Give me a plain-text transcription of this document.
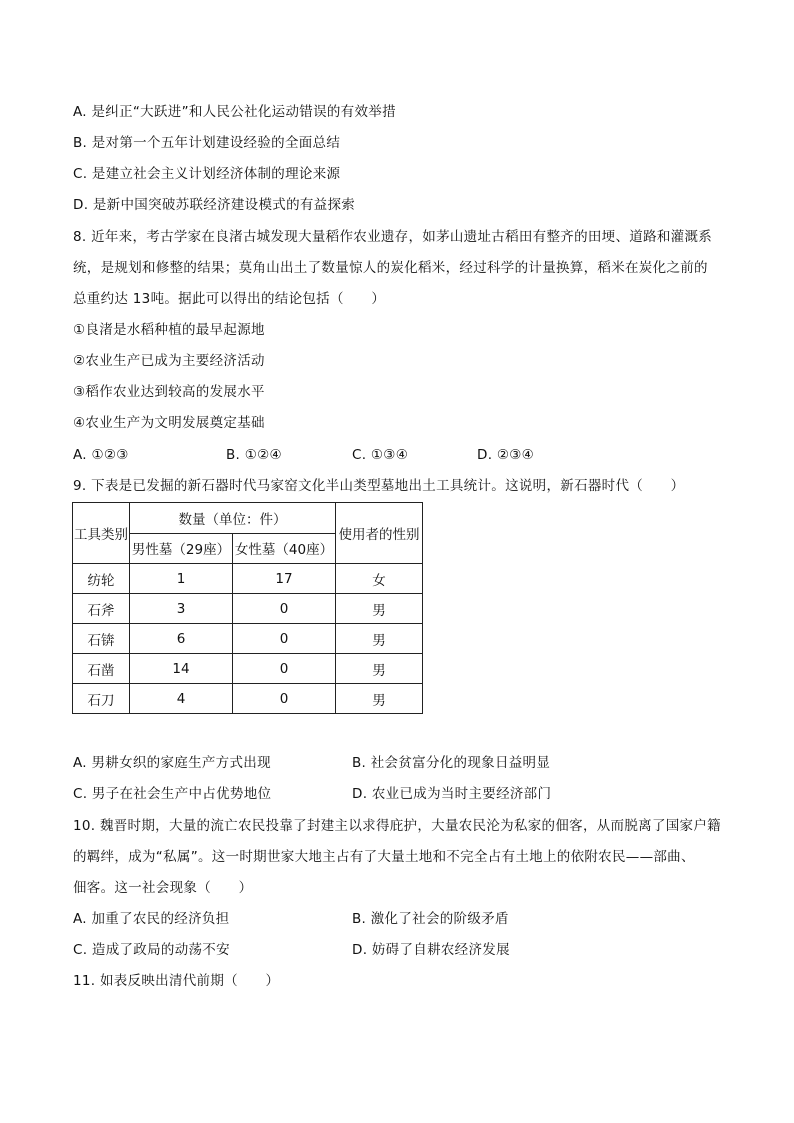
A. 是纠正“大跃进”和人民公社化运动错误的有效举措
B. 是对第一个五年计划建设经验的全面总结
C. 是建立社会主义计划经济体制的理论来源
D. 是新中国突破苏联经济建设模式的有益探索
8. 近年来，考古学家在良渚古城发现大量稻作农业遗存，如茅山遗址古稻田有整齐的田埂、道路和灌溉系
统，是规划和修整的结果；莫角山出土了数量惊人的炭化稻米，经过科学的计量换算，稻米在炭化之前的
总重约达 13吨。据此可以得出的结论包括（　　）
①良渚是水稻种植的最早起源地
②农业生产已成为主要经济活动
③稻作农业达到较高的发展水平
④农业生产为文明发展奠定基础
A. ①②③	B. ①②④	C. ①③④	D. ②③④
9. 下表是已发掘的新石器时代马家窑文化半山类型墓地出土工具统计。这说明，新石器时代（　　）
工具类别	数量（单位：件）		使用者的性别
	男性墓（29座）	女性墓（40座）	
纺轮	1	17	女
石斧	3	0	男
石锛	6	0	男
石凿	14	0	男
石刀	4	0	男
A. 男耕女织的家庭生产方式出现	B. 社会贫富分化的现象日益明显
C. 男子在社会生产中占优势地位	D. 农业已成为当时主要经济部门
10. 魏晋时期，大量的流亡农民投靠了封建主以求得庇护，大量农民沦为私家的佃客，从而脱离了国家户籍
的羁绊，成为“私属”。这一时期世家大地主占有了大量土地和不完全占有土地上的依附农民——部曲、
佃客。这一社会现象（　　）
A. 加重了农民的经济负担	B. 激化了社会的阶级矛盾
C. 造成了政局的动荡不安	D. 妨碍了自耕农经济发展
11. 如表反映出清代前期（　　）
